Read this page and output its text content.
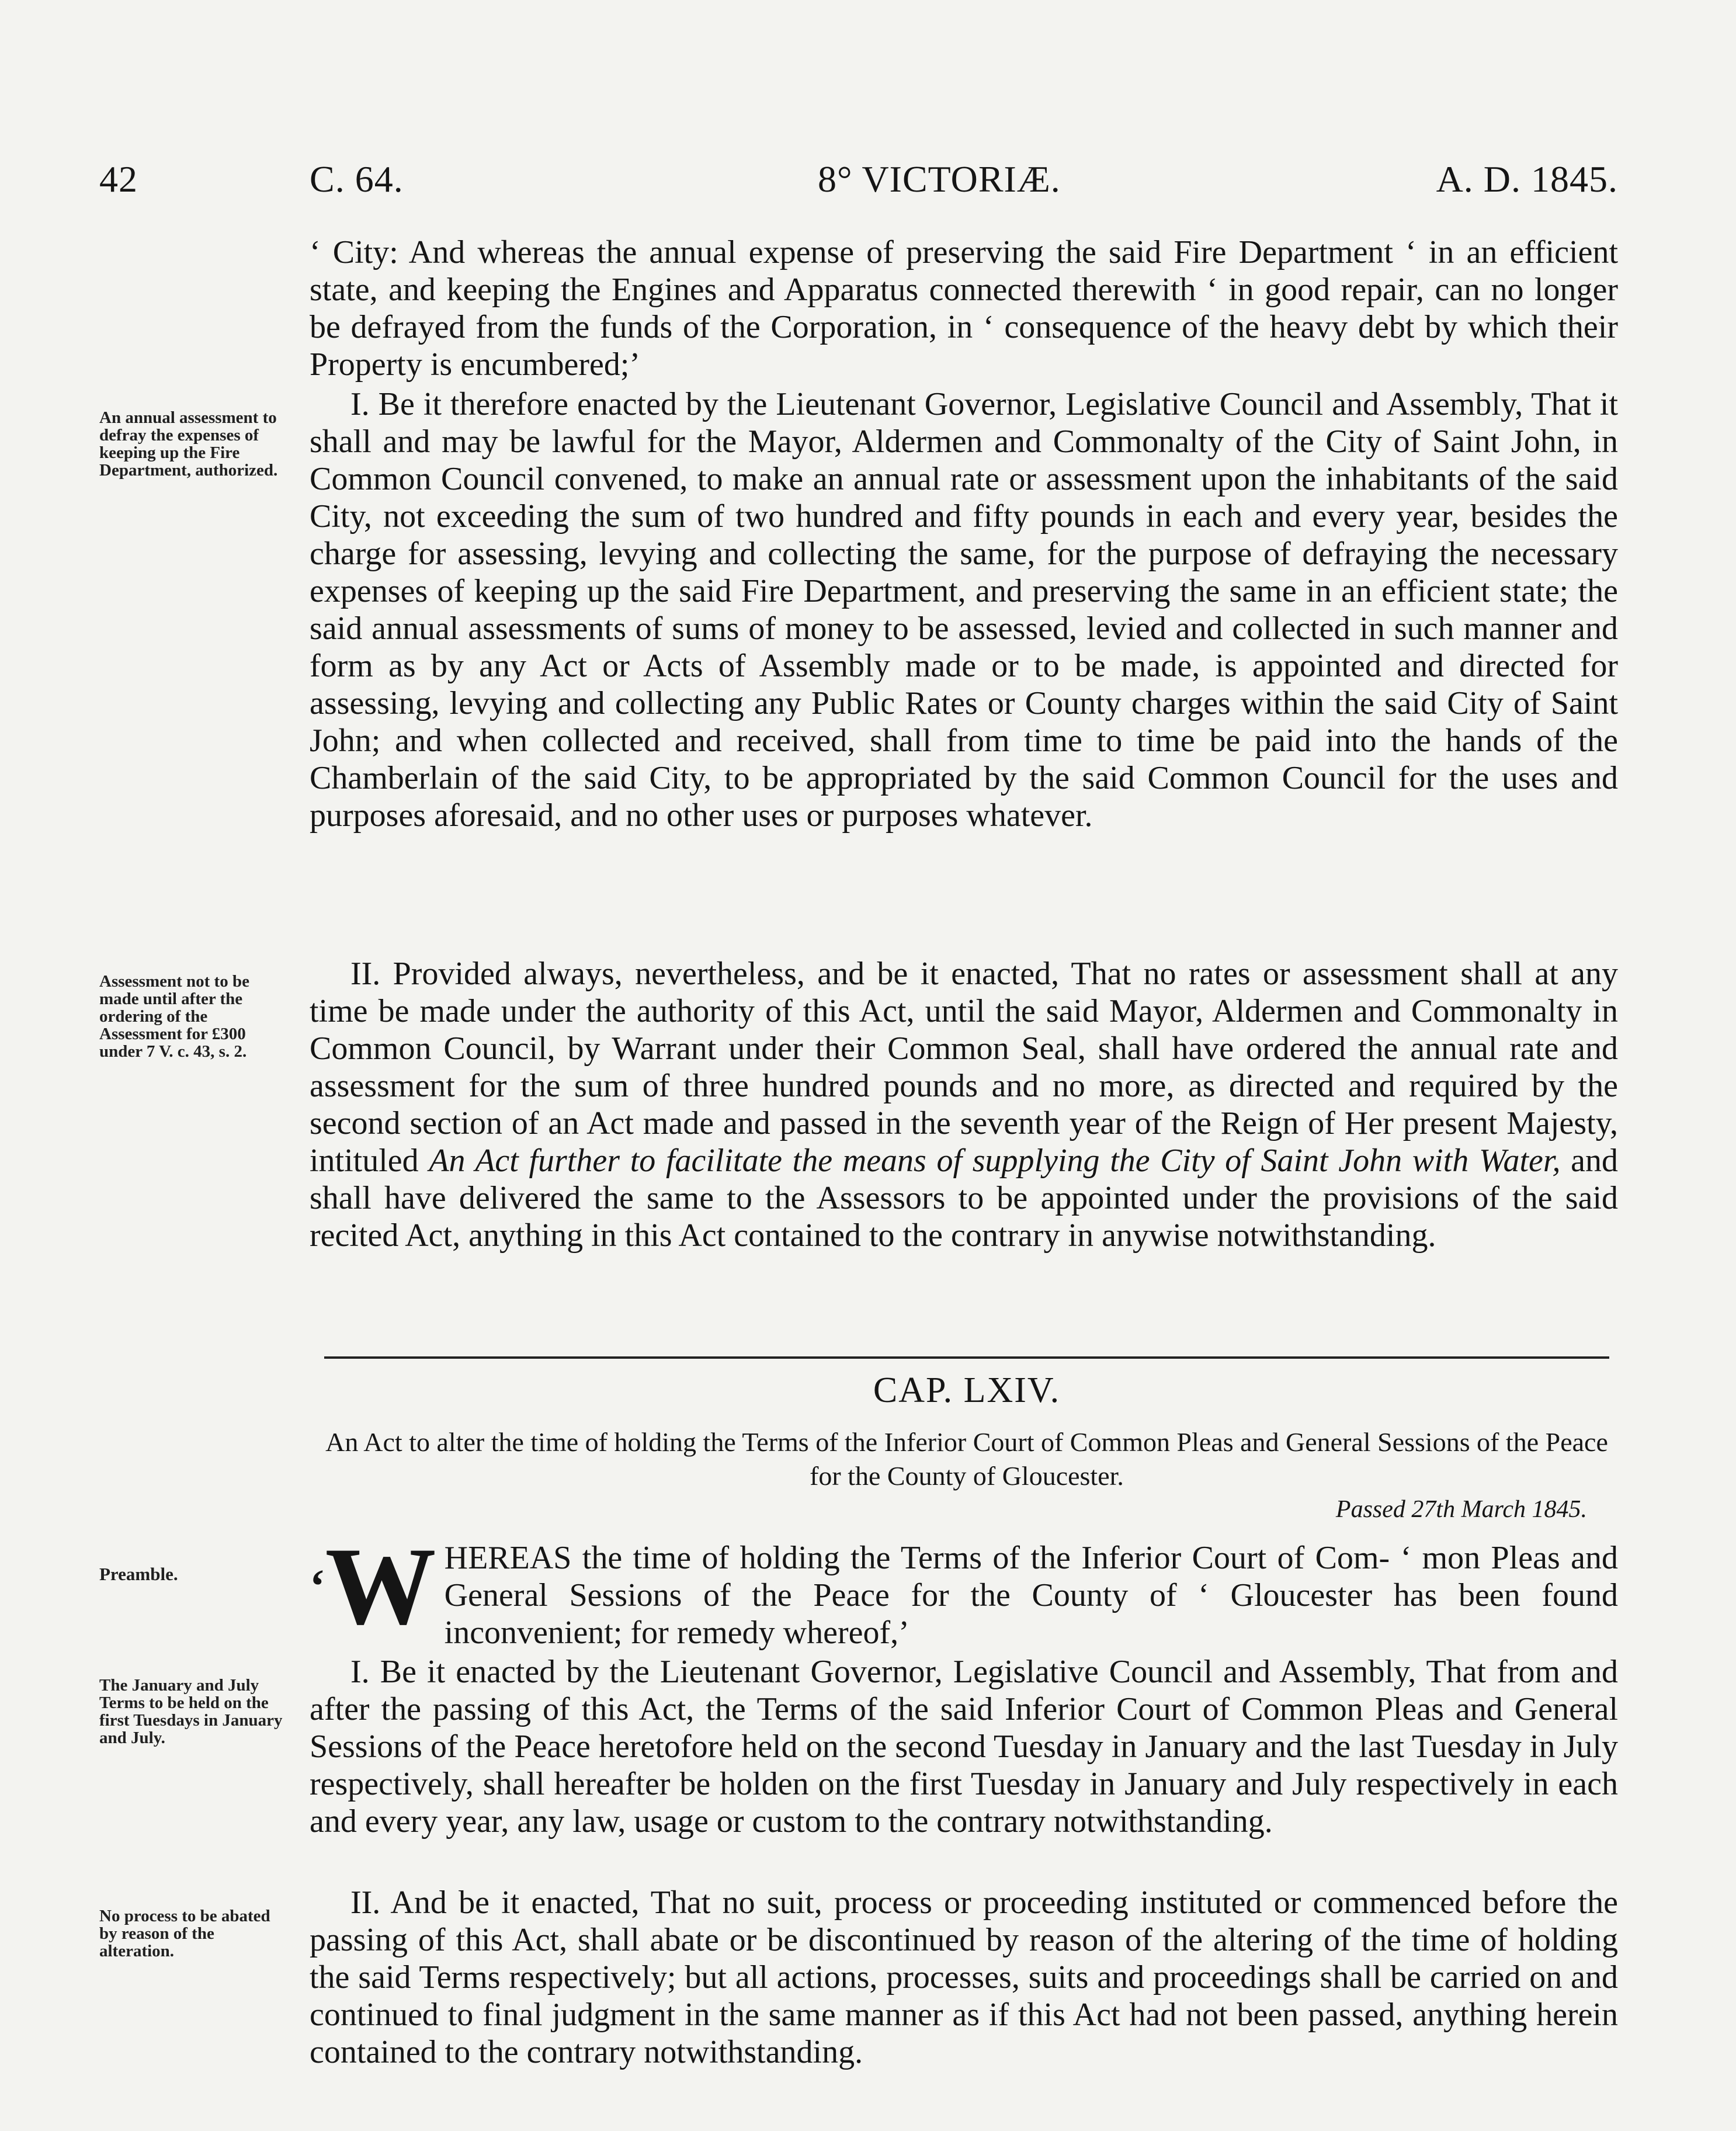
42	C. 64.	8° VICTORIÆ.	A. D. 1845.

‘ City: And whereas the annual expense of preserving the said Fire Department ‘ in an efficient state, and keeping the Engines and Apparatus connected therewith ‘ in good repair, can no longer be defrayed from the funds of the Corporation, in ‘ consequence of the heavy debt by which their Property is encumbered;’

An annual assessment to defray the expenses of keeping up the Fire Department, authorized.

I. Be it therefore enacted by the Lieutenant Governor, Legislative Council and Assembly, That it shall and may be lawful for the Mayor, Aldermen and Commonalty of the City of Saint John, in Common Council convened, to make an annual rate or assessment upon the inhabitants of the said City, not exceeding the sum of two hundred and fifty pounds in each and every year, besides the charge for assessing, levying and collecting the same, for the purpose of defraying the necessary expenses of keeping up the said Fire Department, and preserving the same in an efficient state; the said annual assessments of sums of money to be assessed, levied and collected in such manner and form as by any Act or Acts of Assembly made or to be made, is appointed and directed for assessing, levying and collecting any Public Rates or County charges within the said City of Saint John; and when collected and received, shall from time to time be paid into the hands of the Chamberlain of the said City, to be appropriated by the said Common Council for the uses and purposes aforesaid, and no other uses or purposes whatever.

Assessment not to be made until after the ordering of the Assessment for £300 under 7 V. c. 43, s. 2.

II. Provided always, nevertheless, and be it enacted, That no rates or assessment shall at any time be made under the authority of this Act, until the said Mayor, Aldermen and Commonalty in Common Council, by Warrant under their Common Seal, shall have ordered the annual rate and assessment for the sum of three hundred pounds and no more, as directed and required by the second section of an Act made and passed in the seventh year of the Reign of Her present Majesty, intituled An Act further to facilitate the means of supplying the City of Saint John with Water, and shall have delivered the same to the Assessors to be appointed under the provisions of the said recited Act, anything in this Act contained to the contrary in anywise notwithstanding.

CAP. LXIV.
An Act to alter the time of holding the Terms of the Inferior Court of Common Pleas and General Sessions of the Peace for the County of Gloucester.
Passed 27th March 1845.
Preamble.	‘W HEREAS the time of holding the Terms of the Inferior Court of Com- ‘ mon Pleas and General Sessions of the Peace for the County of ‘ Gloucester has been found inconvenient; for remedy whereof,’

The January and July Terms to be held on the first Tuesdays in January and July.

I. Be it enacted by the Lieutenant Governor, Legislative Council and Assembly, That from and after the passing of this Act, the Terms of the said Inferior Court of Common Pleas and General Sessions of the Peace heretofore held on the second Tuesday in January and the last Tuesday in July respectively, shall hereafter be holden on the first Tuesday in January and July respectively in each and every year, any law, usage or custom to the contrary notwithstanding.

No process to be abated by reason of the alteration.

II. And be it enacted, That no suit, process or proceeding instituted or commenced before the passing of this Act, shall abate or be discontinued by reason of the altering of the time of holding the said Terms respectively; but all actions, processes, suits and proceedings shall be carried on and continued to final judgment in the same manner as if this Act had not been passed, anything herein contained to the contrary notwithstanding.
